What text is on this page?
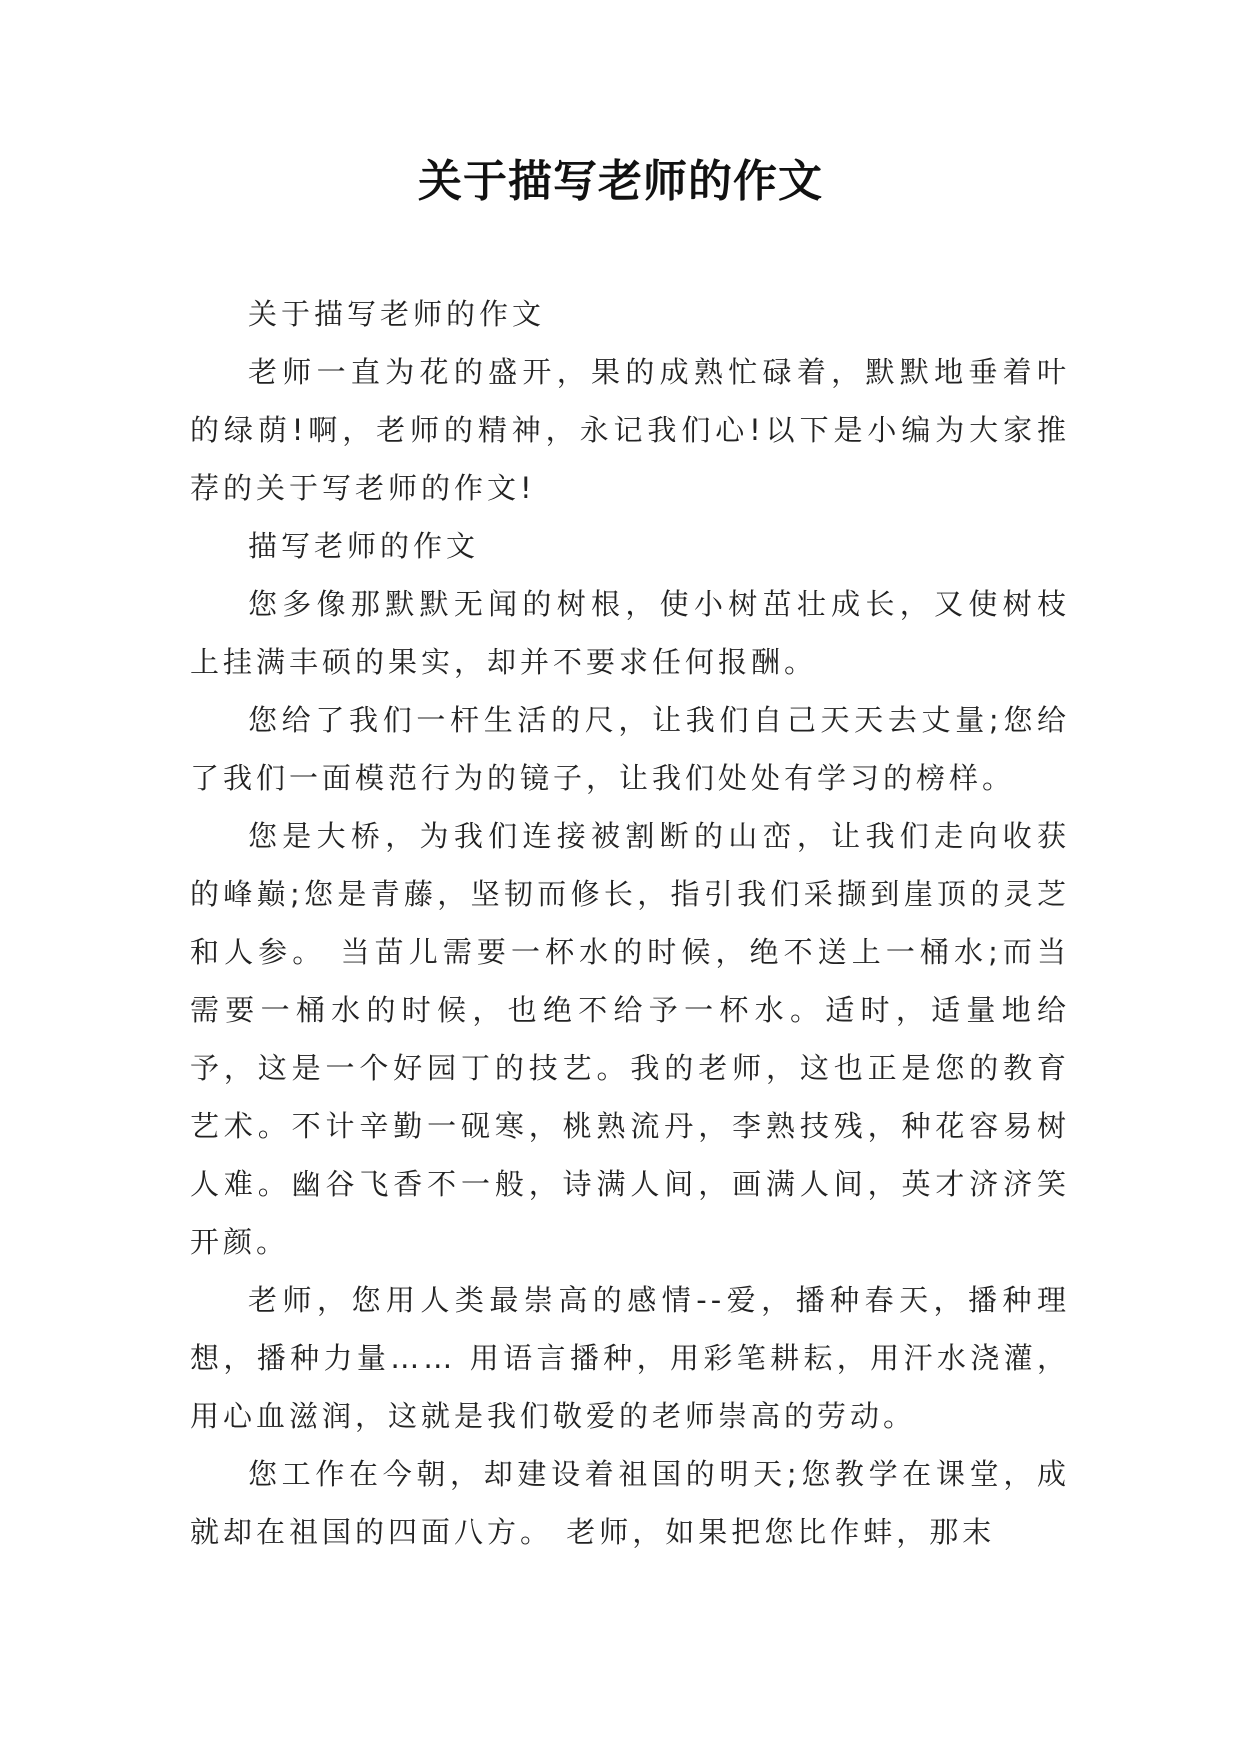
关于描写老师的作文

关于描写老师的作文

老师一直为花的盛开，果的成熟忙碌着，默默地垂着叶的绿荫!啊，老师的精神，永记我们心!以下是小编为大家推荐的关于写老师的作文!

描写老师的作文

您多像那默默无闻的树根，使小树茁壮成长，又使树枝上挂满丰硕的果实，却并不要求任何报酬。

您给了我们一杆生活的尺，让我们自己天天去丈量;您给了我们一面模范行为的镜子，让我们处处有学习的榜样。

您是大桥，为我们连接被割断的山峦，让我们走向收获的峰巅;您是青藤，坚韧而修长，指引我们采撷到崖顶的灵芝和人参。 当苗儿需要一杯水的时候，绝不送上一桶水;而当需要一桶水的时候，也绝不给予一杯水。适时，适量地给予，这是一个好园丁的技艺。我的老师，这也正是您的教育艺术。不计辛勤一砚寒，桃熟流丹，李熟技残，种花容易树人难。幽谷飞香不一般，诗满人间，画满人间，英才济济笑开颜。

老师，您用人类最崇高的感情--爱，播种春天，播种理想，播种力量…… 用语言播种，用彩笔耕耘，用汗水浇灌，用心血滋润，这就是我们敬爱的老师崇高的劳动。

您工作在今朝，却建设着祖国的明天;您教学在课堂，成就却在祖国的四面八方。 老师，如果把您比作蚌，那末
